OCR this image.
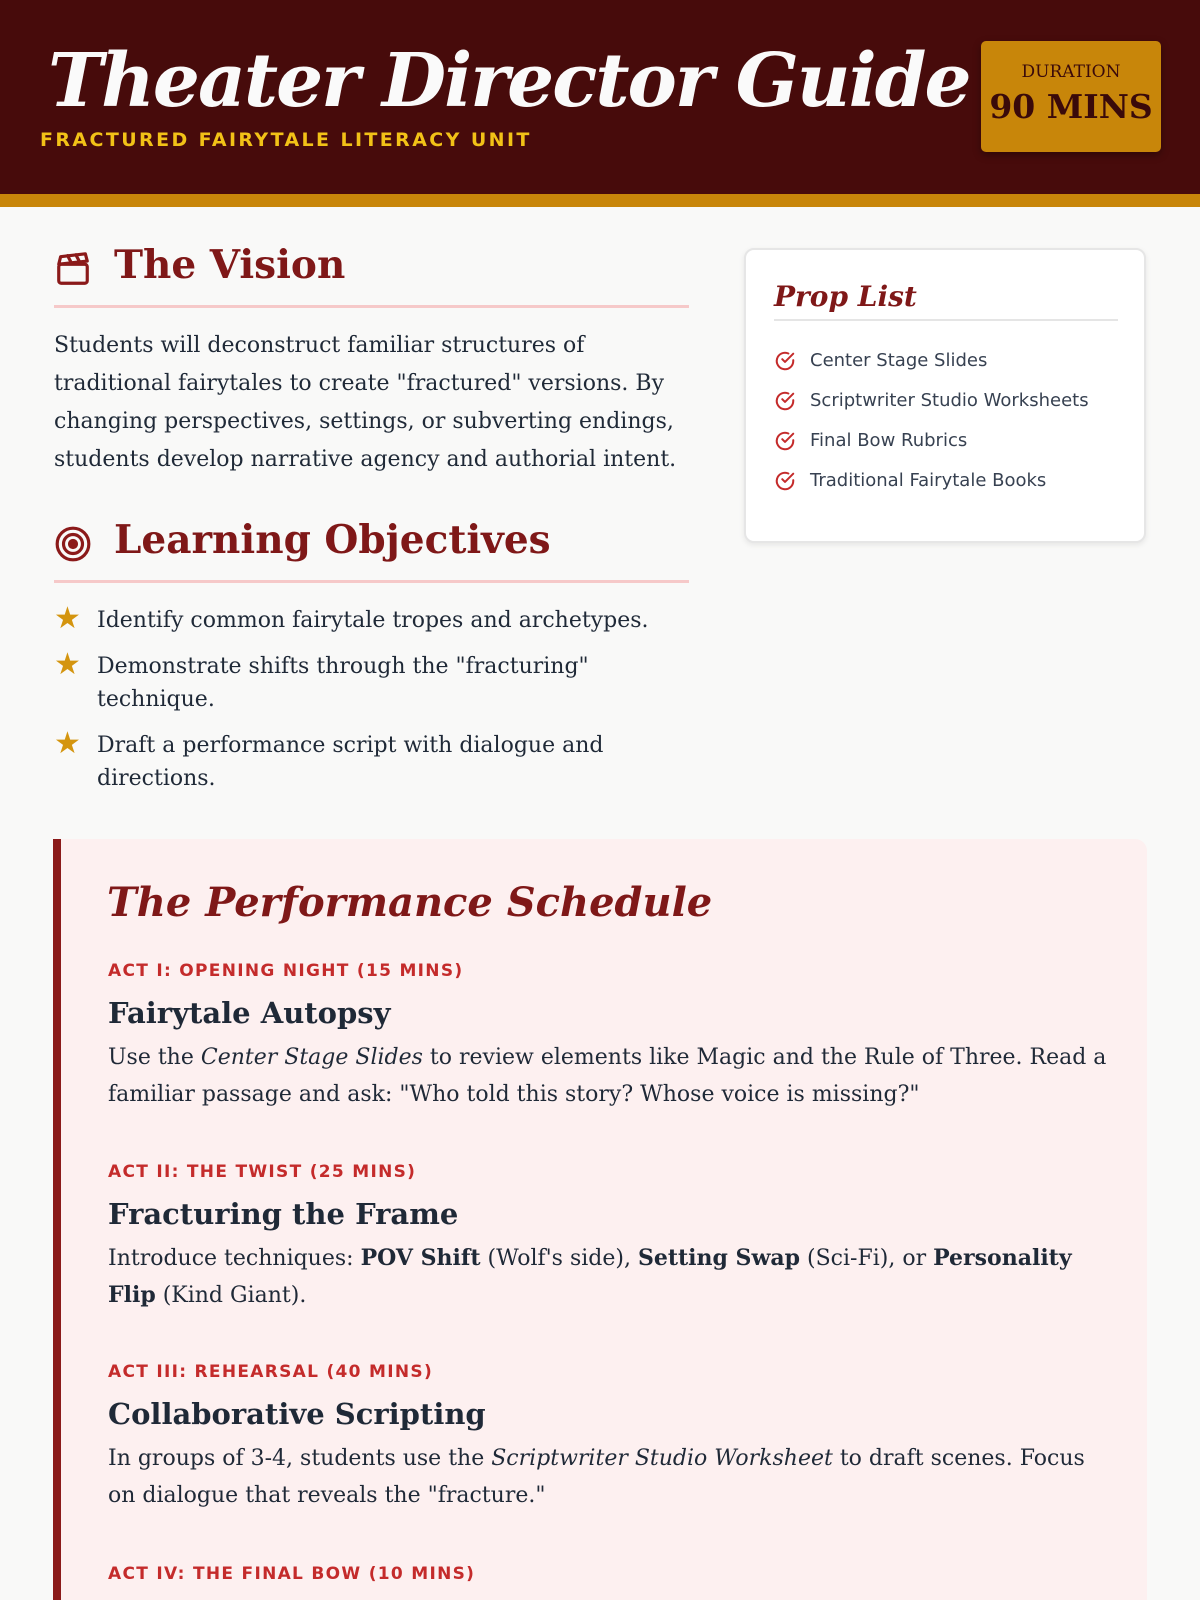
Theater Director Guide
FRACTURED FAIRYTALE LITERACY UNIT
DURATION
90 MINS
The Vision

Students will deconstruct familiar structures of traditional fairytales to create "fractured" versions. By changing perspectives, settings, or subverting endings, students develop narrative agency and authorial intent.

Learning Objectives
★ Identify common fairytale tropes and archetypes.
★ Demonstrate shifts through the "fracturing" technique.
★ Draft a performance script with dialogue and directions.
Prop List
Center Stage Slides
Scriptwriter Studio Worksheets
Final Bow Rubrics
Traditional Fairytale Books
The Performance Schedule
ACT I: OPENING NIGHT (15 MINS)
Fairytale Autopsy

Use the Center Stage Slides to review elements like Magic and the Rule of Three. Read a familiar passage and ask: "Who told this story? Whose voice is missing?"

ACT II: THE TWIST (25 MINS)
Fracturing the Frame

Introduce techniques: POV Shift (Wolf's side), Setting Swap (Sci-Fi), or Personality Flip (Kind Giant).

ACT III: REHEARSAL (40 MINS)
Collaborative Scripting

In groups of 3-4, students use the Scriptwriter Studio Worksheet to draft scenes. Focus on dialogue that reveals the "fracture."

ACT IV: THE FINAL BOW (10 MINS)
